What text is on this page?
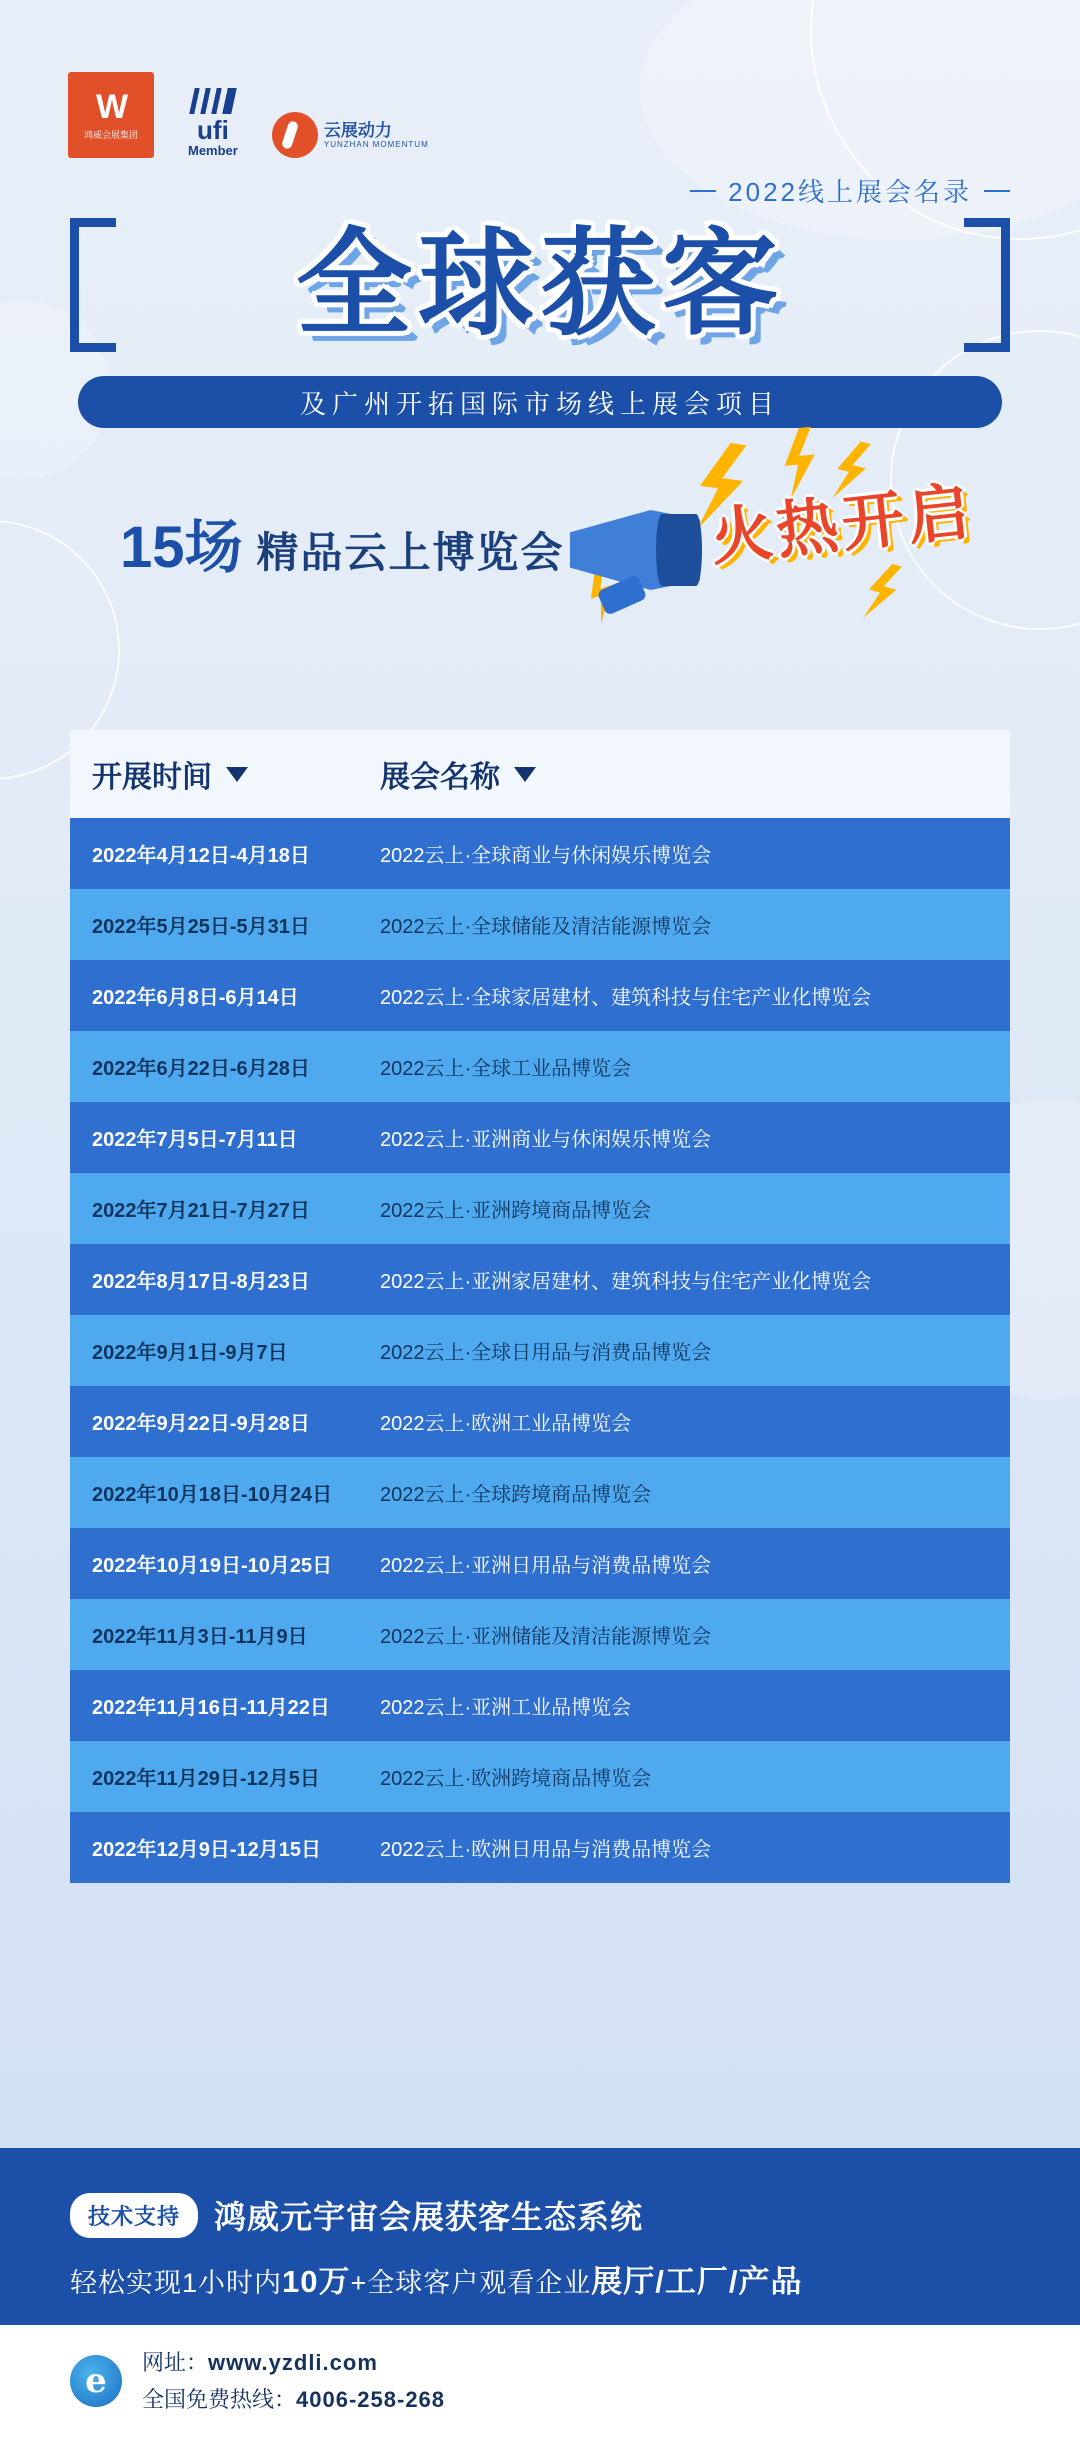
W
鸿威会展集团	ufi
Member
云展动力
YUNZHAN MOMENTUM
2022线上展会名录
全球获客
及广州开拓国际市场线上展会项目
15场 精品云上博览会 火热开启
开展时间	展会名称
2022年4月12日-4月18日	2022云上·全球商业与休闲娱乐博览会
2022年5月25日-5月31日	2022云上·全球储能及清洁能源博览会
2022年6月8日-6月14日	2022云上·全球家居建材、建筑科技与住宅产业化博览会
2022年6月22日-6月28日	2022云上·全球工业品博览会
2022年7月5日-7月11日	2022云上·亚洲商业与休闲娱乐博览会
2022年7月21日-7月27日	2022云上·亚洲跨境商品博览会
2022年8月17日-8月23日	2022云上·亚洲家居建材、建筑科技与住宅产业化博览会
2022年9月1日-9月7日	2022云上·全球日用品与消费品博览会
2022年9月22日-9月28日	2022云上·欧洲工业品博览会
2022年10月18日-10月24日	2022云上·全球跨境商品博览会
2022年10月19日-10月25日	2022云上·亚洲日用品与消费品博览会
2022年11月3日-11月9日	2022云上·亚洲储能及清洁能源博览会
2022年11月16日-11月22日	2022云上·亚洲工业品博览会
2022年11月29日-12月5日	2022云上·欧洲跨境商品博览会
2022年12月9日-12月15日	2022云上·欧洲日用品与消费品博览会
技术支持	鸿威元宇宙会展获客生态系统
轻松实现1小时内10万+全球客户观看企业展厅/工厂/产品
e	网址：www.yzdli.com
全国免费热线：4006-258-268
